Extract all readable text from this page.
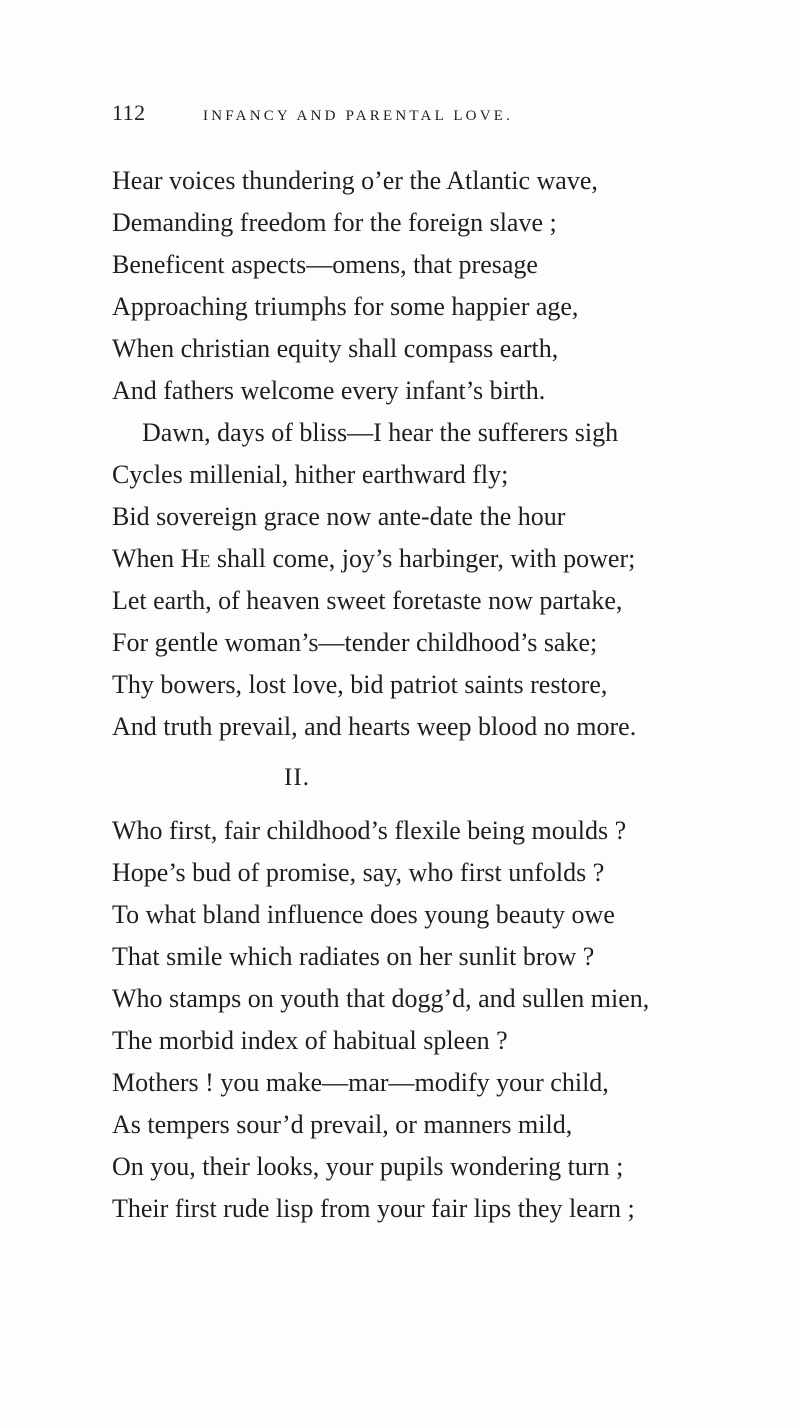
112	INFANCY AND PARENTAL LOVE.
Hear voices thundering o’er the Atlantic wave,
Demanding freedom for the foreign slave ;
Beneficent aspects—omens, that presage
Approaching triumphs for some happier age,
When christian equity shall compass earth,
And fathers welcome every infant’s birth.
Dawn, days of bliss—I hear the sufferers sigh
Cycles millenial, hither earthward fly;
Bid sovereign grace now ante-date the hour
When He shall come, joy’s harbinger, with power;
Let earth, of heaven sweet foretaste now partake,
For gentle woman’s—tender childhood’s sake;
Thy bowers, lost love, bid patriot saints restore,
And truth prevail, and hearts weep blood no more.
II.
Who first, fair childhood’s flexile being moulds ?
Hope’s bud of promise, say, who first unfolds ?
To what bland influence does young beauty owe
That smile which radiates on her sunlit brow ?
Who stamps on youth that dogg’d, and sullen mien,
The morbid index of habitual spleen ?
Mothers ! you make—mar—modify your child,
As tempers sour’d prevail, or manners mild,
On you, their looks, your pupils wondering turn ;
Their first rude lisp from your fair lips they learn ;
